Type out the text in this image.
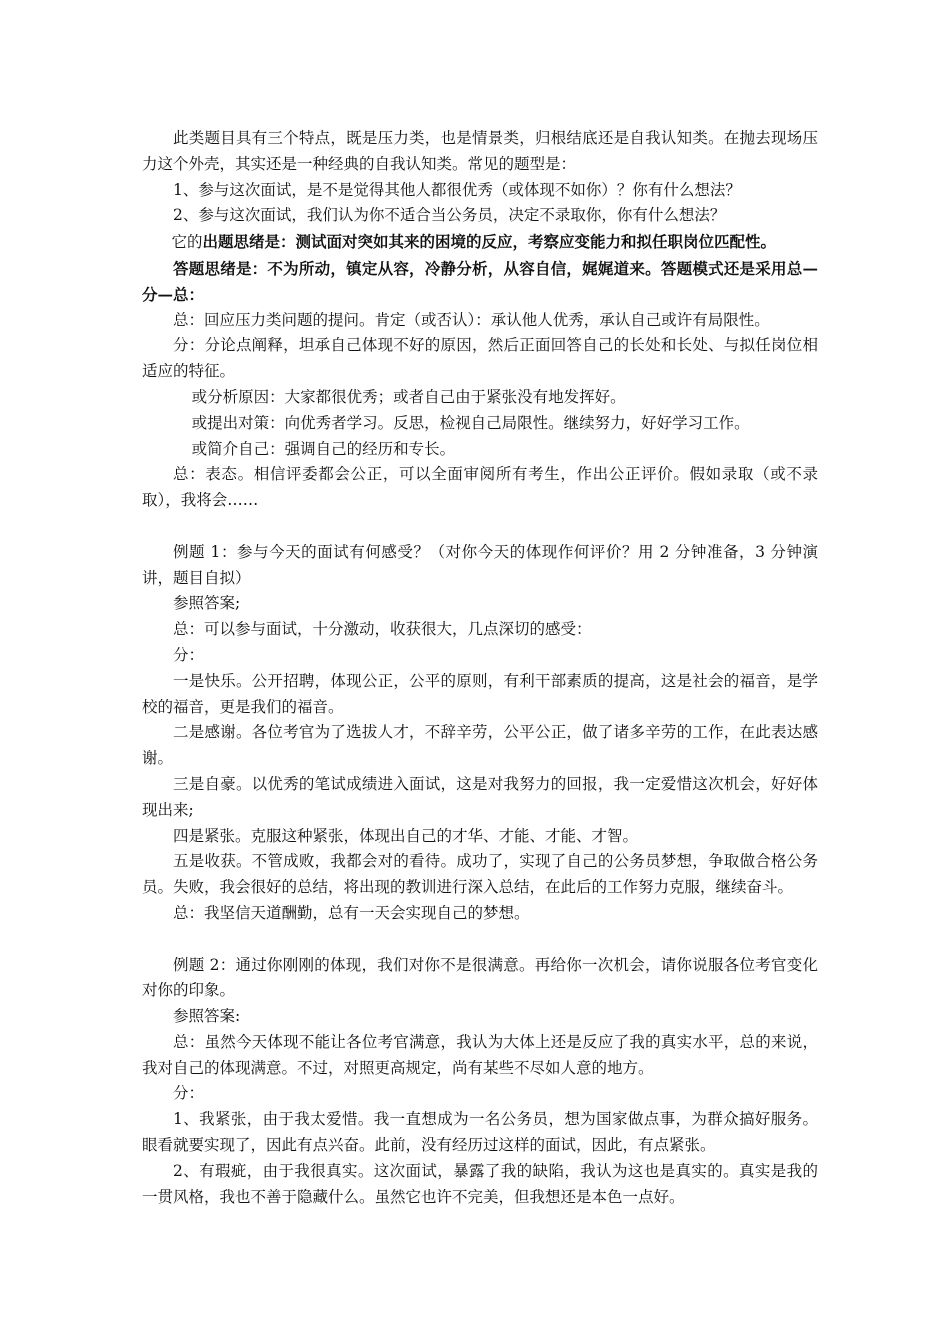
此类题目具有三个特点，既是压力类，也是情景类，归根结底还是自我认知类。在抛去现场压力这个外壳，其实还是一种经典的自我认知类。常见的题型是：

1、参与这次面试，是不是觉得其他人都很优秀（或体现不如你）？你有什么想法？

2、参与这次面试，我们认为你不适合当公务员，决定不录取你，你有什么想法？

它的出题思绪是：测试面对突如其来的困境的反应，考察应变能力和拟任职岗位匹配性。

答题思绪是：不为所动，镇定从容，冷静分析，从容自信，娓娓道来。答题模式还是采用总—分—总：

总：回应压力类问题的提问。肯定（或否认）：承认他人优秀，承认自己或许有局限性。

分：分论点阐释，坦承自己体现不好的原因，然后正面回答自己的长处和长处、与拟任岗位相适应的特征。

或分析原因：大家都很优秀；或者自己由于紧张没有地发挥好。

或提出对策：向优秀者学习。反思，检视自己局限性。继续努力，好好学习工作。

或简介自己：强调自己的经历和专长。

总：表态。相信评委都会公正，可以全面审阅所有考生，作出公正评价。假如录取（或不录取），我将会……

例题 1：参与今天的面试有何感受？（对你今天的体现作何评价？用 2 分钟准备，3 分钟演讲，题目自拟）

参照答案;

总：可以参与面试，十分激动，收获很大，几点深切的感受：

分：

一是快乐。公开招聘，体现公正，公平的原则，有利干部素质的提高，这是社会的福音，是学校的福音，更是我们的福音。

二是感谢。各位考官为了选拔人才，不辞辛劳，公平公正，做了诸多辛劳的工作，在此表达感谢。

三是自豪。以优秀的笔试成绩进入面试，这是对我努力的回报，我一定爱惜这次机会，好好体现出来;

四是紧张。克服这种紧张，体现出自己的才华、才能、才能、才智。

五是收获。不管成败，我都会对的看待。成功了，实现了自己的公务员梦想，争取做合格公务员。失败，我会很好的总结，将出现的教训进行深入总结，在此后的工作努力克服，继续奋斗。

总：我坚信天道酬勤，总有一天会实现自己的梦想。

例题 2：通过你刚刚的体现，我们对你不是很满意。再给你一次机会，请你说服各位考官变化对你的印象。

参照答案:

总：虽然今天体现不能让各位考官满意，我认为大体上还是反应了我的真实水平，总的来说，我对自己的体现满意。不过，对照更高规定，尚有某些不尽如人意的地方。

分：

1、我紧张，由于我太爱惜。我一直想成为一名公务员，想为国家做点事，为群众搞好服务。眼看就要实现了，因此有点兴奋。此前，没有经历过这样的面试，因此，有点紧张。

2、有瑕疵，由于我很真实。这次面试，暴露了我的缺陷，我认为这也是真实的。真实是我的一贯风格，我也不善于隐藏什么。虽然它也许不完美，但我想还是本色一点好。
